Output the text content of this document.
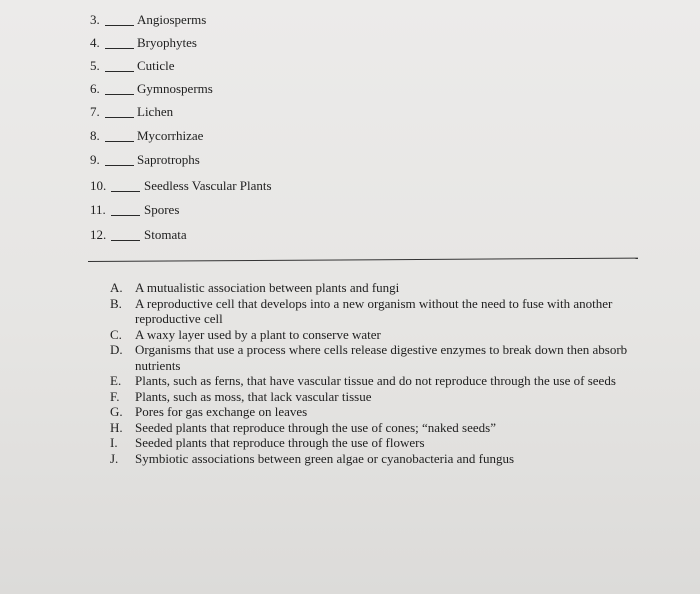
3.	Angiosperms
4.	Bryophytes
5.	Cuticle
6.	Gymnosperms
7.	Lichen
8.	Mycorrhizae
9.	Saprotrophs
10.	Seedless Vascular Plants
11.	Spores
12.	Stomata

A. A mutualistic association between plants and fungi

B. A reproductive cell that develops into a new organism without the need to fuse with another reproductive cell

C. A waxy layer used by a plant to conserve water

D. Organisms that use a process where cells release digestive enzymes to break down then absorb nutrients

E. Plants, such as ferns, that have vascular tissue and do not reproduce through the use of seeds

F. Plants, such as moss, that lack vascular tissue

G. Pores for gas exchange on leaves

H. Seeded plants that reproduce through the use of cones; “naked seeds”

I. Seeded plants that reproduce through the use of flowers

J. Symbiotic associations between green algae or cyanobacteria and fungus
